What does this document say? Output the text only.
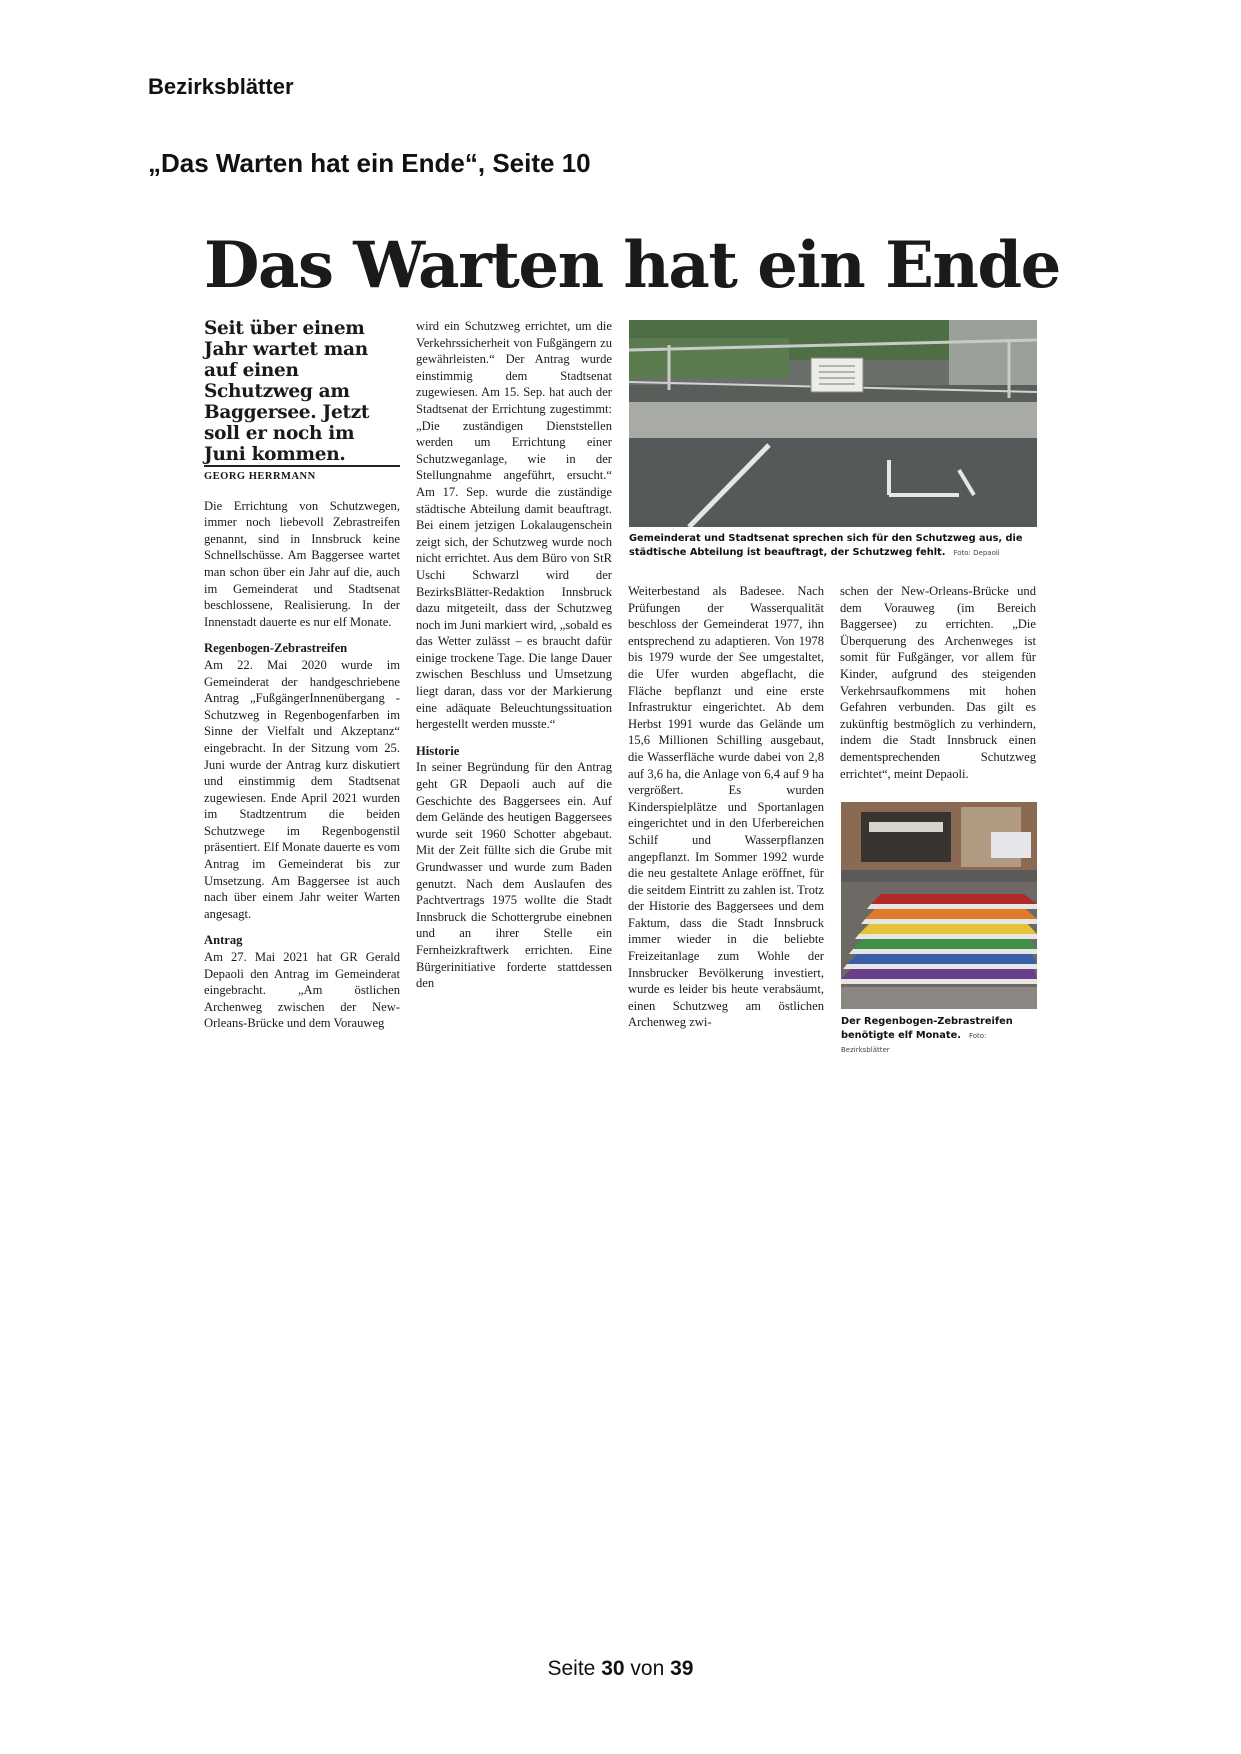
Bezirksblätter
„Das Warten hat ein Ende“, Seite 10
Das Warten hat ein Ende

Seit über einem Jahr wartet man auf einen Schutzweg am Baggersee. Jetzt soll er noch im Juni kommen.

GEORG HERRMANN

Die Errichtung von Schutzwegen, immer noch liebevoll Zebrastreifen genannt, sind in Innsbruck keine Schnellschüsse. Am Baggersee wartet man schon über ein Jahr auf die, auch im Gemeinderat und Stadtsenat beschlossene, Realisierung. In der Innenstadt dauerte es nur elf Monate.

Regenbogen-Zebrastreifen

Am 22. Mai 2020 wurde im Gemeinderat der handgeschriebene Antrag „FußgängerInnenübergang - Schutzweg in Regenbogenfarben im Sinne der Vielfalt und Akzeptanz“ eingebracht. In der Sitzung vom 25. Juni wurde der Antrag kurz diskutiert und einstimmig dem Stadtsenat zugewiesen. Ende April 2021 wurden im Stadtzentrum die beiden Schutzwege im Regenbogenstil präsentiert. Elf Monate dauerte es vom Antrag im Gemeinderat bis zur Umsetzung. Am Baggersee ist auch nach über einem Jahr weiter Warten angesagt.

Antrag

Am 27. Mai 2021 hat GR Gerald Depaoli den Antrag im Gemeinderat eingebracht. „Am östlichen Archenweg zwischen der New-Orleans-Brücke und dem Vorauweg

wird ein Schutzweg errichtet, um die Verkehrssicherheit von Fußgängern zu gewährleisten.“ Der Antrag wurde einstimmig dem Stadtsenat zugewiesen. Am 15. Sep. hat auch der Stadtsenat der Errichtung zugestimmt: „Die zuständigen Dienststellen werden um Errichtung einer Schutzweganlage, wie in der Stellungnahme angeführt, ersucht.“ Am 17. Sep. wurde die zuständige städtische Abteilung damit beauftragt. Bei einem jetzigen Lokalaugenschein zeigt sich, der Schutzweg wurde noch nicht errichtet. Aus dem Büro von StR Uschi Schwarzl wird der BezirksBlätter-Redaktion Innsbruck dazu mitgeteilt, dass der Schutzweg noch im Juni markiert wird, „sobald es das Wetter zulässt – es braucht dafür einige trockene Tage. Die lange Dauer zwischen Beschluss und Umsetzung liegt daran, dass vor der Markierung eine adäquate Beleuchtungssituation hergestellt werden musste.“

Historie

In seiner Begründung für den Antrag geht GR Depaoli auch auf die Geschichte des Baggersees ein. Auf dem Gelände des heutigen Baggersees wurde seit 1960 Schotter abgebaut. Mit der Zeit füllte sich die Grube mit Grundwasser und wurde zum Baden genutzt. Nach dem Auslaufen des Pachtvertrags 1975 wollte die Stadt Innsbruck die Schottergrube einebnen und an ihrer Stelle ein Fernheizkraftwerk errichten. Eine Bürgerinitiative forderte stattdessen den

Gemeinderat und Stadtsenat sprechen sich für den Schutzweg aus, die städtische Abteilung ist beauftragt, der Schutzweg fehlt. Foto: Depaoli

Weiterbestand als Badesee. Nach Prüfungen der Wasserqualität beschloss der Gemeinderat 1977, ihn entsprechend zu adaptieren. Von 1978 bis 1979 wurde der See umgestaltet, die Ufer wurden abgeflacht, die Fläche bepflanzt und eine erste Infrastruktur eingerichtet. Ab dem Herbst 1991 wurde das Gelände um 15,6 Millionen Schilling ausgebaut, die Wasserfläche wurde dabei von 2,8 auf 3,6 ha, die Anlage von 6,4 auf 9 ha vergrößert. Es wurden Kinderspielplätze und Sportanlagen eingerichtet und in den Uferbereichen Schilf und Wasserpflanzen angepflanzt. Im Sommer 1992 wurde die neu gestaltete Anlage eröffnet, für die seitdem Eintritt zu zahlen ist. Trotz der Historie des Baggersees und dem Faktum, dass die Stadt Innsbruck immer wieder in die beliebte Freizeitanlage zum Wohle der Innsbrucker Bevölkerung investiert, wurde es leider bis heute verabsäumt, einen Schutzweg am östlichen Archenweg zwi-

schen der New-Orleans-Brücke und dem Vorauweg (im Bereich Baggersee) zu errichten. „Die Überquerung des Archenweges ist somit für Fußgänger, vor allem für Kinder, aufgrund des steigenden Verkehrsaufkommens mit hohen Gefahren verbunden. Das gilt es zukünftig bestmöglich zu verhindern, indem die Stadt Innsbruck einen dementsprechenden Schutzweg errichtet“, meint Depaoli.

Der Regenbogen-Zebrastreifen benötigte elf Monate. Foto: Bezirksblätter
Seite 30 von 39
